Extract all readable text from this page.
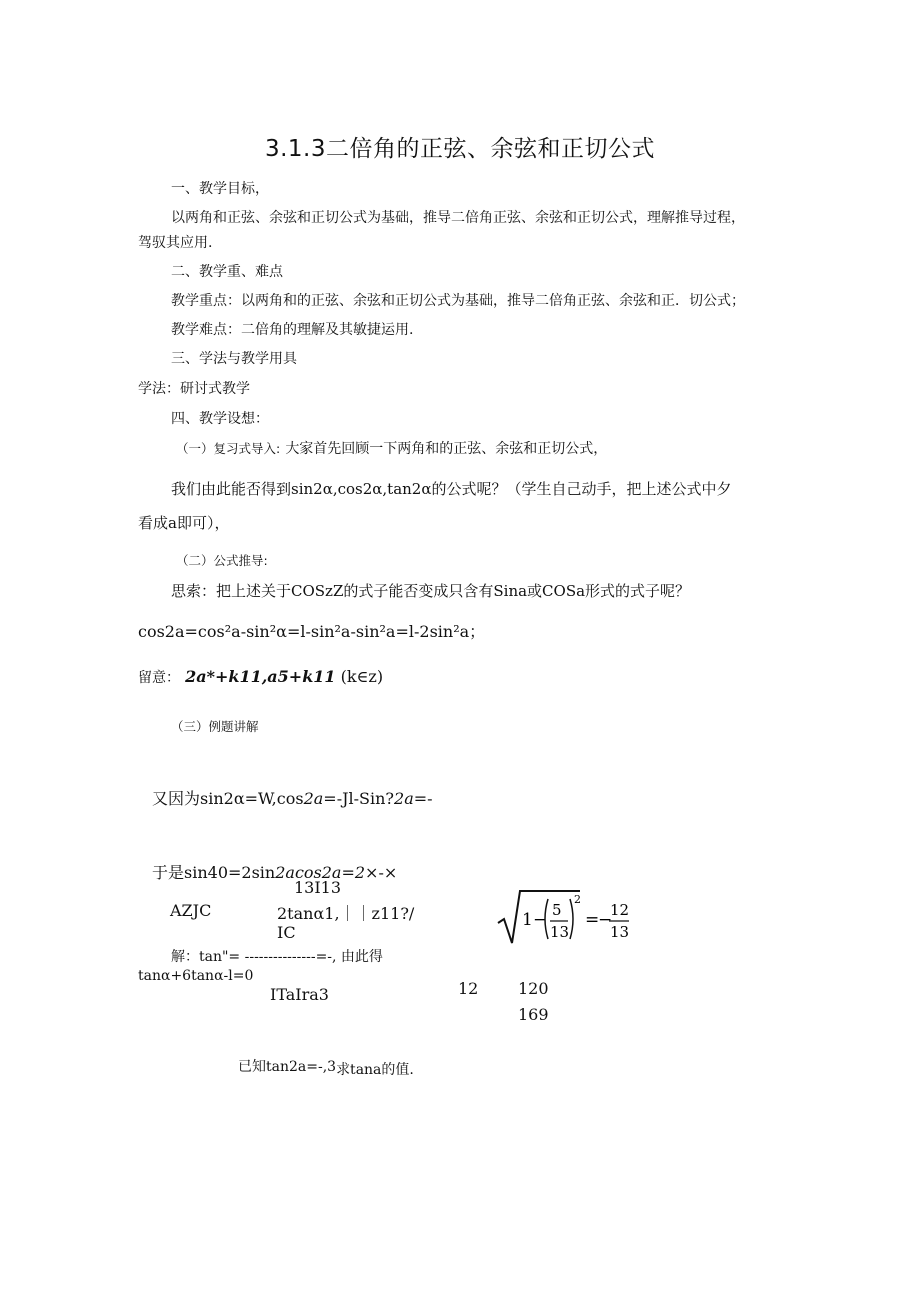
3.1.3二倍角的正弦、余弦和正切公式
一、教学目标，
以两角和正弦、余弦和正切公式为基础，推导二倍角正弦、余弦和正切公式，理解推导过程，
驾驭其应用.
二、教学重、难点
教学重点：以两角和的正弦、余弦和正切公式为基础，推导二倍角正弦、余弦和正．切公式；
教学难点：二倍角的理解及其敏捷运用.
三、学法与教学用具
学法：研讨式教学
四、教学设想：
（一）复习式导入: 大家首先回顾一下两角和的正弦、余弦和正切公式，
我们由此能否得到sin2α,cos2α,tan2α的公式呢？（学生自己动手，把上述公式中夕
看成a即可），
（二）公式推导:
思索：把上述关于COSzZ的式子能否变成只含有Sina或COSa形式的式子呢？
cos2a=cos²a-sin²α=l-sin²a-sin²a=l-2sin²a；
留意： 2a*+k11,a5+k11 (k∈z)
（三）例题讲解
又因为sin2α=W,cos2a=-Jl-Sin?2a=-
于是sin40=2sin2acos2a=2×-×
13I13
AZJC	2tanα1,｜｜z11?/
IC
解：tan"= ---------------=-, 由此得
tanα+6tanα-l=0
ITaIra3	12 120
169
已知tan2a=-,3求tana的值.
1 − 5
13
2
=
−
12
13
